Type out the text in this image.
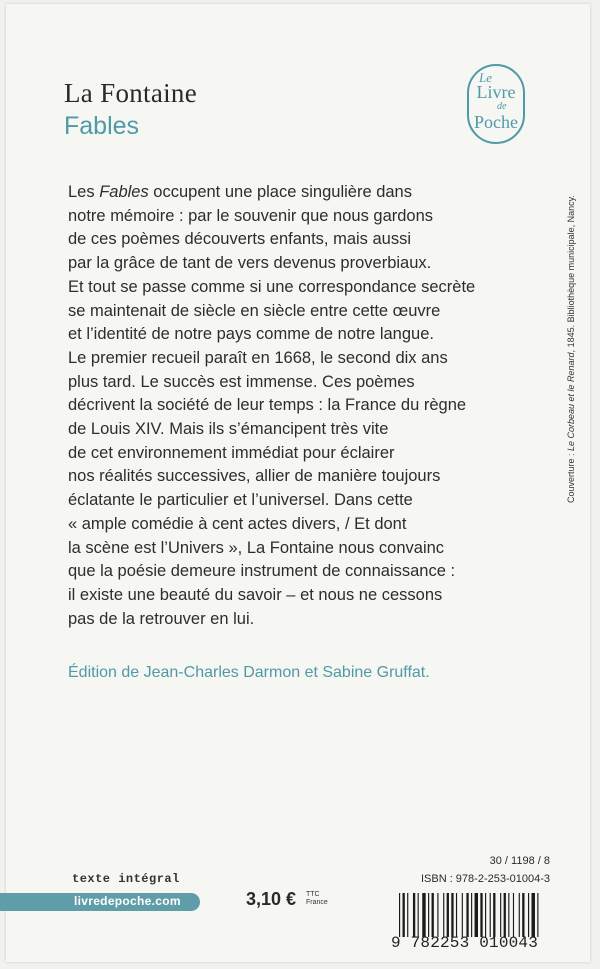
La Fontaine
Fables
Le
Livre
de
Poche
Les Fables occupent une place singulière dans
notre mémoire : par le souvenir que nous gardons
de ces poèmes découverts enfants, mais aussi
par la grâce de tant de vers devenus proverbiaux.
Et tout se passe comme si une correspondance secrète
se maintenait de siècle en siècle entre cette œuvre
et l’identité de notre pays comme de notre langue.
Le premier recueil paraît en 1668, le second dix ans
plus tard. Le succès est immense. Ces poèmes
décrivent la société de leur temps : la France du règne
de Louis XIV. Mais ils s’émancipent très vite
de cet environnement immédiat pour éclairer
nos réalités successives, allier de manière toujours
éclatante le particulier et l’universel. Dans cette
« ample comédie à cent actes divers, / Et dont
la scène est l’Univers », La Fontaine nous convainc
que la poésie demeure instrument de connaissance :
il existe une beauté du savoir – et nous ne cessons
pas de la retrouver en lui.
Édition de Jean-Charles Darmon et Sabine Gruffat.
texte intégral
livredepoche.com	3,10 € TTC
France
30 / 1198 / 8
ISBN : 978-2-253-01004-3
9 782253 010043
Couverture : Le Corbeau et le Renard, 1845. Bibliothèque municipale, Nancy.
